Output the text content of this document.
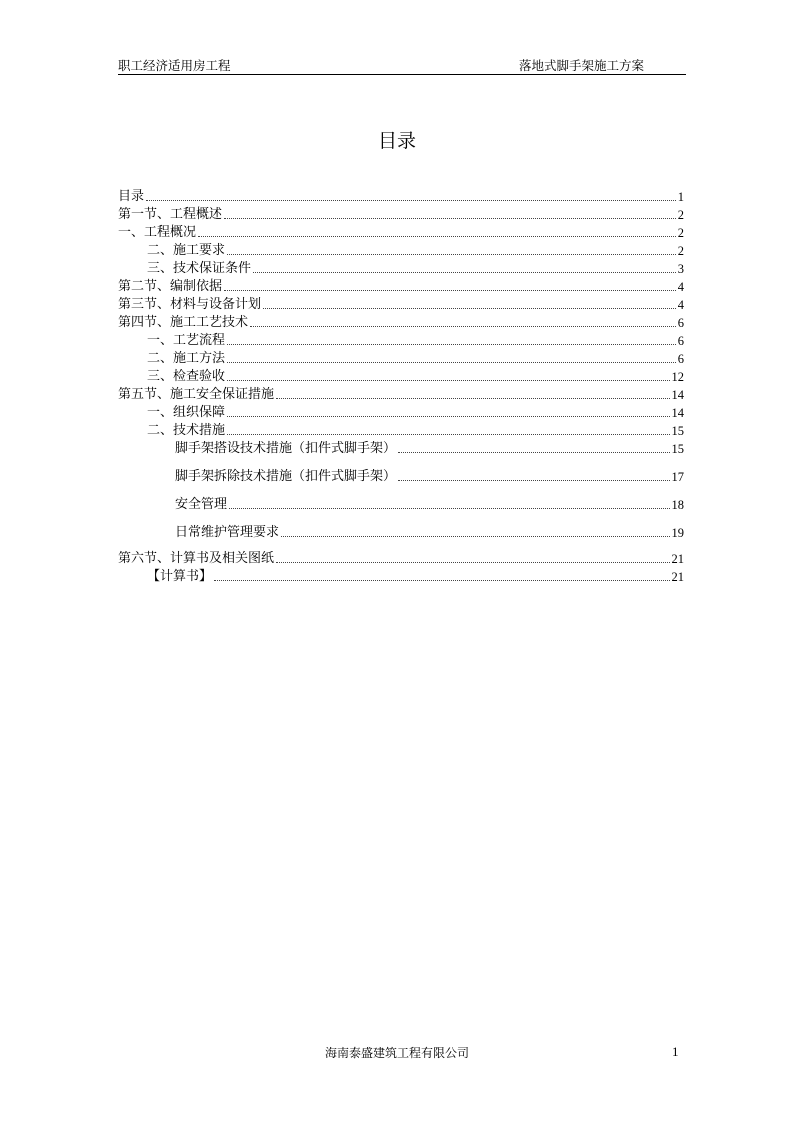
职工经济适用房工程	落地式脚手架施工方案
目录
目录	1
第一节、工程概述	2
一、工程概况	2
二、施工要求	2
三、技术保证条件	3
第二节、编制依据	4
第三节、材料与设备计划	4
第四节、施工工艺技术	6
一、工艺流程	6
二、施工方法	6
三、检查验收	12
第五节、施工安全保证措施	14
一、组织保障	14
二、技术措施	15
脚手架搭设技术措施（扣件式脚手架）	15
脚手架拆除技术措施（扣件式脚手架）	17
安全管理	18
日常维护管理要求	19
第六节、计算书及相关图纸	21
【计算书】	21
海南泰盛建筑工程有限公司	1
